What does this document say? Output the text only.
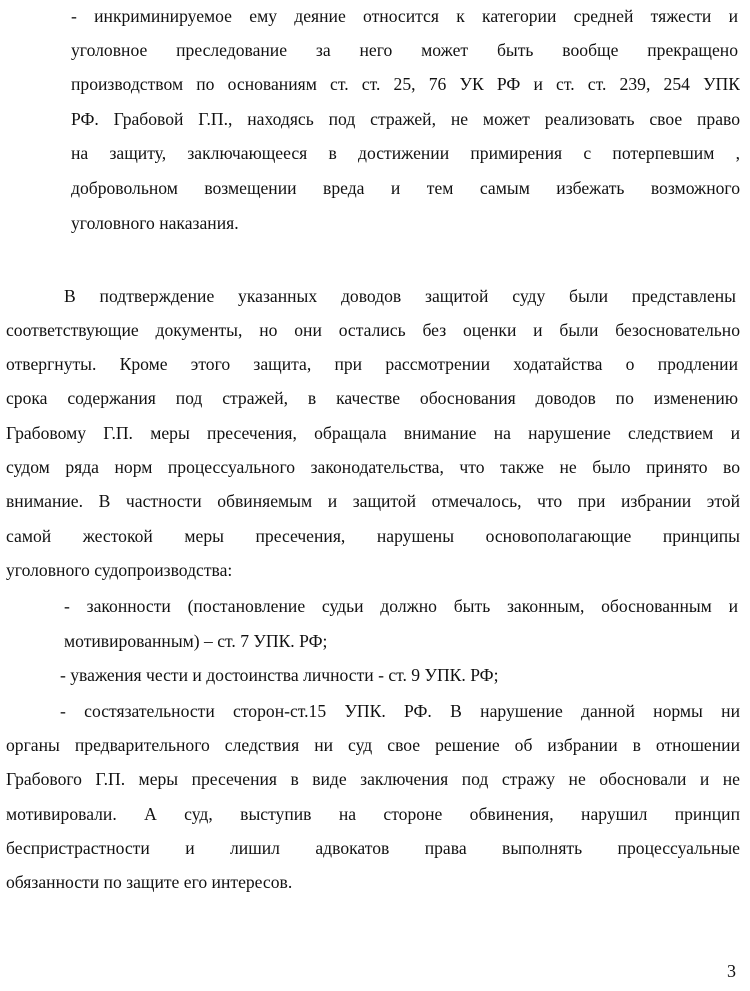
- инкриминируемое ему деяние относится к категории средней тяжести и
уголовное преследование за него может быть вообще прекращено
производством по основаниям ст. ст. 25, 76 УК РФ и ст. ст. 239, 254 УПК
РФ. Грабовой Г.П., находясь под стражей, не может реализовать свое право
на защиту, заключающееся в достижении примирения с потерпевшим ,
добровольном возмещении вреда и тем самым избежать возможного
уголовного наказания.
В подтверждение указанных доводов защитой суду были представлены
соответствующие документы, но они остались без оценки и были безосновательно
отвергнуты. Кроме этого защита, при рассмотрении ходатайства о продлении
срока содержания под стражей, в качестве обоснования доводов по изменению
Грабовому Г.П. меры пресечения, обращала внимание на нарушение следствием и
судом ряда норм процессуального законодательства, что также не было принято во
внимание. В частности обвиняемым и защитой отмечалось, что при избрании этой
самой жестокой меры пресечения, нарушены основополагающие принципы
уголовного судопроизводства:
- законности (постановление судьи должно быть законным, обоснованным и
мотивированным) – ст. 7 УПК. РФ;
- уважения чести и достоинства личности - ст. 9 УПК. РФ;
- состязательности сторон-ст.15 УПК. РФ. В нарушение данной нормы ни
органы предварительного следствия ни суд свое решение об избрании в отношении
Грабового Г.П. меры пресечения в виде заключения под стражу не обосновали и не
мотивировали. А суд, выступив на стороне обвинения, нарушил принцип
беспристрастности и лишил адвокатов права выполнять процессуальные
обязанности по защите его интересов.
3
